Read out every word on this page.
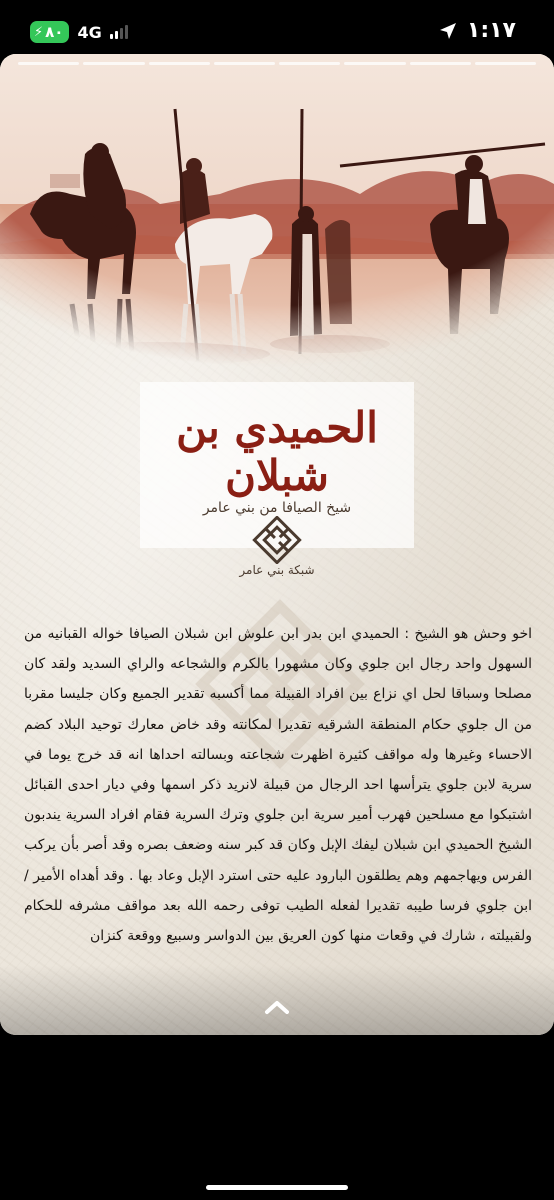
⚡ ٨٠ 4G	١:١٧
الحميدي بن شبلان
شيخ الصيافا من بني عامر
شبكة بني عامر
اخو وحش هو الشيخ : الحميدي ابن بدر ابن علوش ابن شبلان الصيافا خواله القبانيه من السهول واحد رجال ابن جلوي وكان مشهورا بالكرم والشجاعه والراي السديد ولقد كان مصلحا وسباقا لحل اي نزاع بين افراد القبيلة مما أكسبه تقدير الجميع وكان جليسا مقربا من ال جلوي حكام المنطقة الشرقيه تقديرا لمكانته وقد خاض معارك توحيد البلاد كضم الاحساء وغيرها وله مواقف كثيرة اظهرت شجاعته وبسالته احداها انه قد خرج يوما في سرية لابن جلوي يترأسها احد الرجال من قبيلة لانريد ذكر اسمها وفي ديار احدى القبائل اشتبكوا مع مسلحين فهرب أمير سرية ابن جلوي وترك السرية فقام افراد السرية يندبون الشيخ الحميدي ابن شبلان ليفك الإبل وكان قد كبر سنه وضعف بصره وقد أصر بأن يركب الفرس ويهاجمهم وهم يطلقون البارود عليه حتى استرد الإبل وعاد بها . وقد أهداه الأمير / ابن جلوي فرسا طيبه تقديرا لفعله الطيب توفى رحمه الله بعد مواقف مشرفه للحكام ولقبيلته ، شارك في وقعات منها كون العريق بين الدواسر وسبيع ووقعة كنزان
